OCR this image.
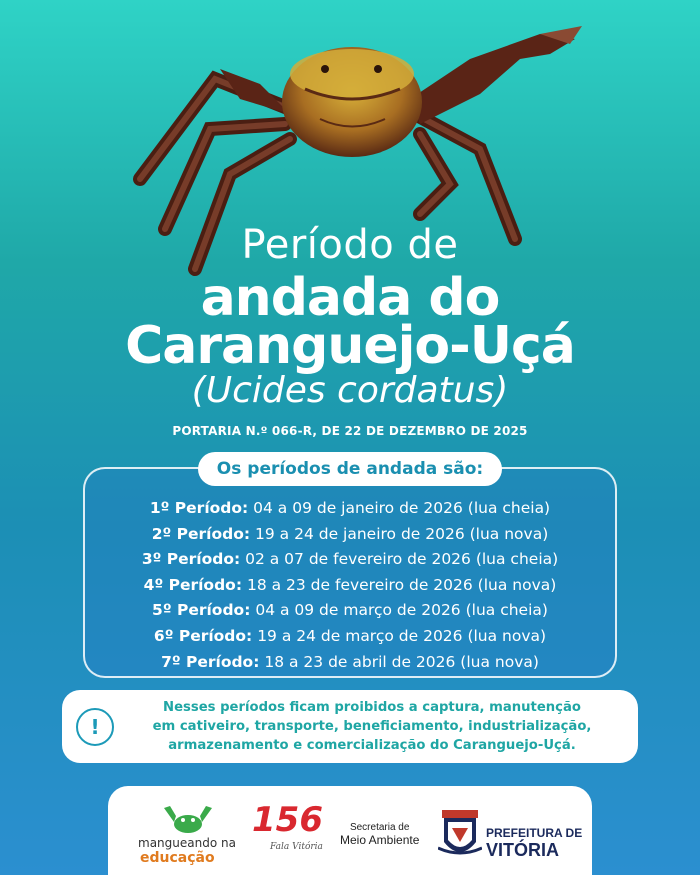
Período de
andada do
Caranguejo-Uçá
(Ucides cordatus)
PORTARIA N.º 066-R, DE 22 DE DEZEMBRO DE 2025
Os períodos de andada são:
1º Período: 04 a 09 de janeiro de 2026 (lua cheia)
2º Período: 19 a 24 de janeiro de 2026 (lua nova)
3º Período: 02 a 07 de fevereiro de 2026 (lua cheia)
4º Período: 18 a 23 de fevereiro de 2026 (lua nova)
5º Período: 04 a 09 de março de 2026 (lua cheia)
6º Período: 19 a 24 de março de 2026 (lua nova)
7º Período: 18 a 23 de abril de 2026 (lua nova)
!
Nesses períodos ficam proibidos a captura, manutenção
em cativeiro, transporte, beneficiamento, industrialização,
armazenamento e comercialização do Caranguejo-Uçá.
mangueando na
educação
156
Fala Vitória
Secretaria de
Meio Ambiente	PREFEITURA DE
VITÓRIA
